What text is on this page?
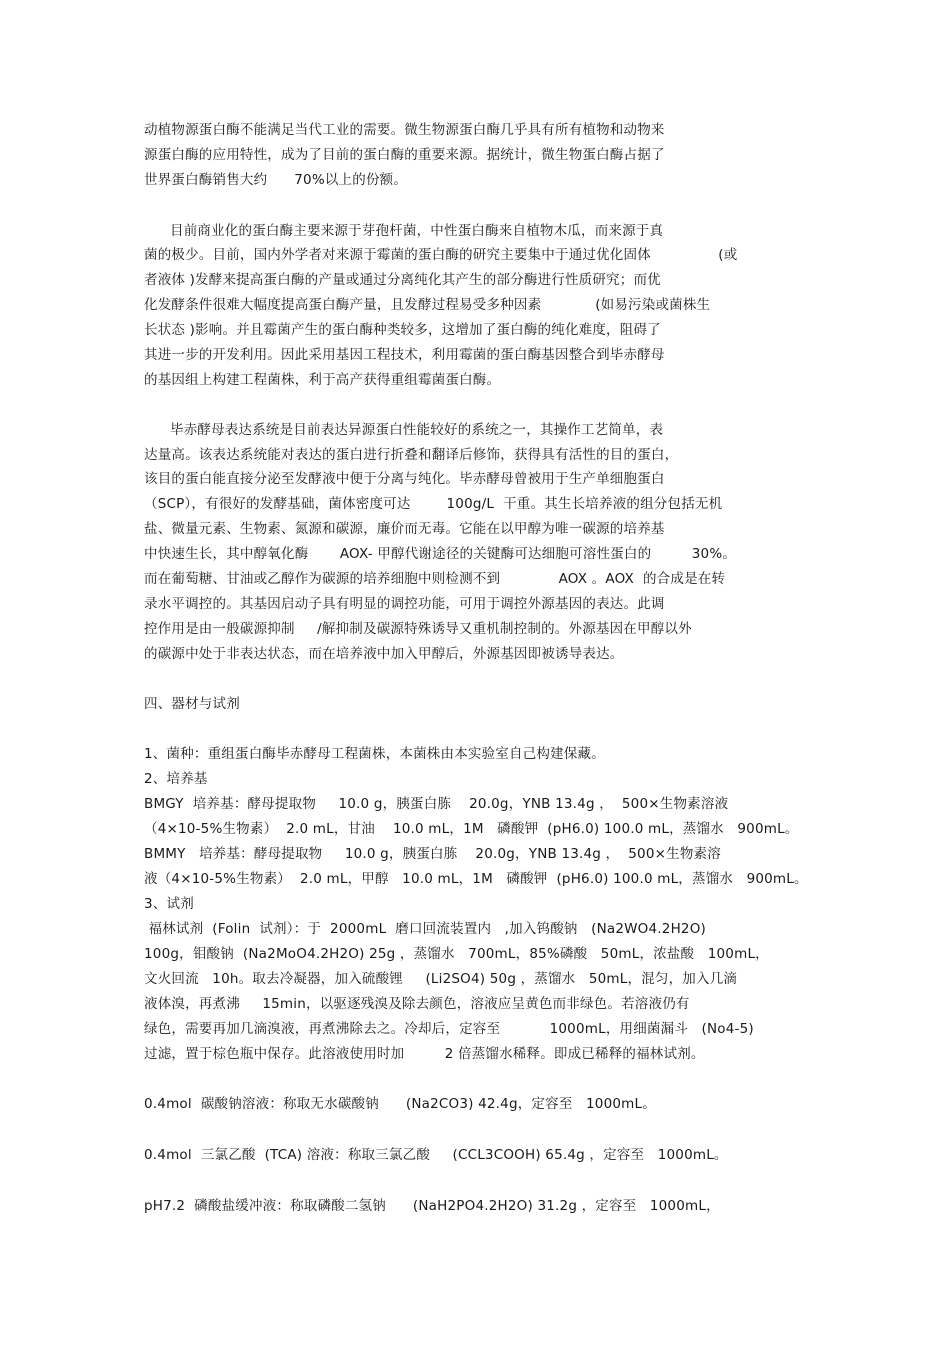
动植物源蛋白酶不能满足当代工业的需要。微生物源蛋白酶几乎具有所有植物和动物来
源蛋白酶的应用特性，成为了目前的蛋白酶的重要来源。据统计，微生物蛋白酶占据了
世界蛋白酶销售大约      70%以上的份额。
目前商业化的蛋白酶主要来源于芽孢杆菌，中性蛋白酶来自植物木瓜，而来源于真
菌的极少。目前，国内外学者对来源于霉菌的蛋白酶的研究主要集中于通过优化固体               (或
者液体 )发酵来提高蛋白酶的产量或通过分离纯化其产生的部分酶进行性质研究；而优
化发酵条件很难大幅度提高蛋白酶产量，且发酵过程易受多种因素            (如易污染或菌株生
长状态 )影响。并且霉菌产生的蛋白酶种类较多，这增加了蛋白酶的纯化难度，阻碍了
其进一步的开发利用。因此采用基因工程技术，利用霉菌的蛋白酶基因整合到毕赤酵母
的基因组上构建工程菌株，利于高产获得重组霉菌蛋白酶。
毕赤酵母表达系统是目前表达异源蛋白性能较好的系统之一，其操作工艺简单，表
达量高。该表达系统能对表达的蛋白进行折叠和翻译后修饰，获得具有活性的目的蛋白，
该目的蛋白能直接分泌至发酵液中便于分离与纯化。毕赤酵母曾被用于生产单细胞蛋白
（SCP），有很好的发酵基础，菌体密度可达        100g/L  干重。其生长培养液的组分包括无机
盐、微量元素、生物素、氮源和碳源，廉价而无毒。它能在以甲醇为唯一碳源的培养基
中快速生长，其中醇氧化酶       AOX- 甲醇代谢途径的关键酶可达细胞可溶性蛋白的         30%。
而在葡萄糖、甘油或乙醇作为碳源的培养细胞中则检测不到             AOX 。AOX  的合成是在转
录水平调控的。其基因启动子具有明显的调控功能，可用于调控外源基因的表达。此调
控作用是由一般碳源抑制     /解抑制及碳源特殊诱导又重机制控制的。外源基因在甲醇以外
的碳源中处于非表达状态，而在培养液中加入甲醇后，外源基因即被诱导表达。
四、器材与试剂
1、菌种：重组蛋白酶毕赤酵母工程菌株，本菌株由本实验室自己构建保藏。
2、培养基
BMGY  培养基：酵母提取物     10.0 g，胰蛋白胨    20.0g，YNB 13.4g ，  500×生物素溶液
（4×10-5%生物素）  2.0 mL，甘油    10.0 mL，1M   磷酸钾  (pH6.0) 100.0 mL，蒸馏水   900mL。
BMMY   培养基：酵母提取物     10.0 g，胰蛋白胨    20.0g，YNB 13.4g ，  500×生物素溶
液（4×10-5%生物素）  2.0 mL，甲醇   10.0 mL，1M   磷酸钾  (pH6.0) 100.0 mL，蒸馏水   900mL。
3、试剂
福林试剂  (Folin  试剂）：于  2000mL  磨口回流装置内   ,加入钨酸钠   (Na2WO4.2H2O)
100g，钼酸钠  (Na2MoO4.2H2O) 25g ，蒸馏水   700mL，85%磷酸   50mL，浓盐酸   100mL，
文火回流   10h。取去冷凝器，加入硫酸锂     (Li2SO4) 50g ，蒸馏水   50mL，混匀，加入几滴
液体溴，再煮沸     15min，以驱逐残溴及除去颜色，溶液应呈黄色而非绿色。若溶液仍有
绿色，需要再加几滴溴液，再煮沸除去之。冷却后，定容至           1000mL，用细菌漏斗   (No4-5)
过滤，置于棕色瓶中保存。此溶液使用时加         2 倍蒸馏水稀释。即成已稀释的福林试剂。
0.4mol  碳酸钠溶液：称取无水碳酸钠      (Na2CO3) 42.4g，定容至   1000mL。
0.4mol  三氯乙酸  (TCA) 溶液：称取三氯乙酸     (CCL3COOH) 65.4g ，定容至   1000mL。
pH7.2  磷酸盐缓冲液：称取磷酸二氢钠      (NaH2PO4.2H2O) 31.2g ，定容至   1000mL，
